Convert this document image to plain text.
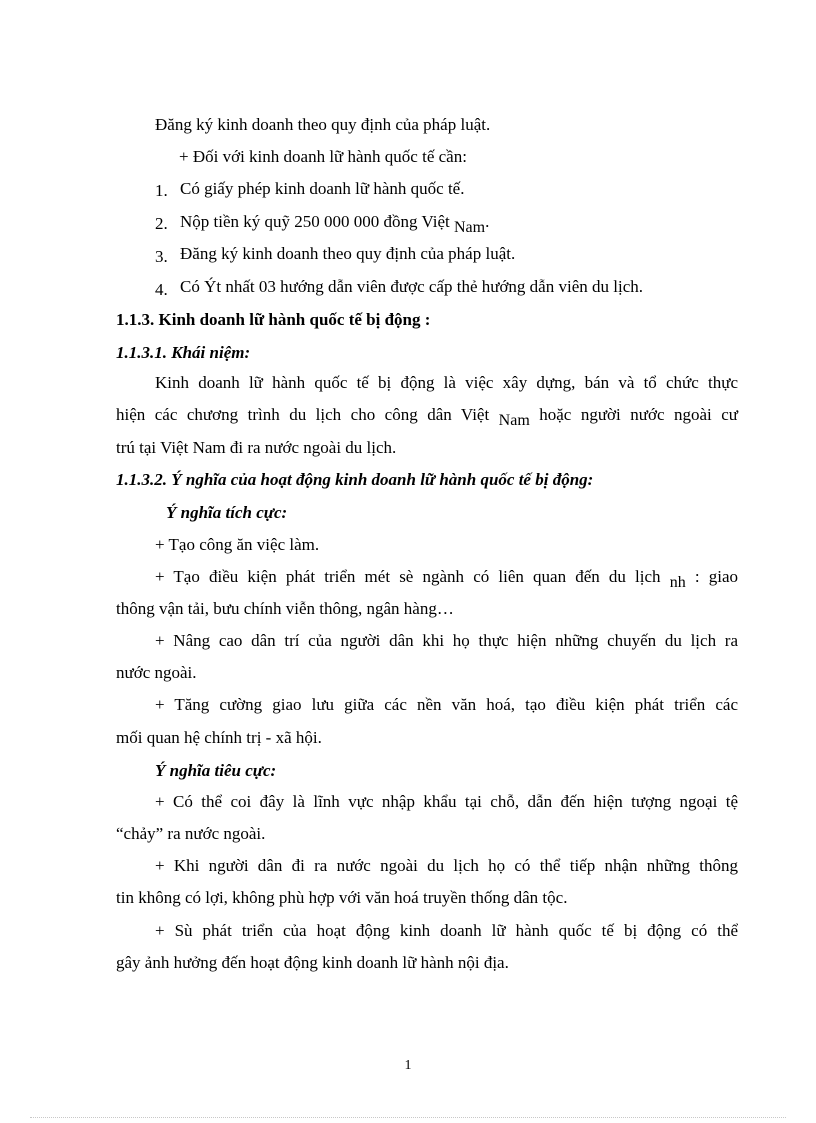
Đăng ký kinh doanh theo quy định của pháp luật.

+ Đối với kinh doanh lữ hành quốc tế cần:

1. Có giấy phép kinh doanh lữ hành quốc tế.

2. Nộp tiền ký quỹ 250 000 000 đồng Việt Nam.

3. Đăng ký kinh doanh theo quy định của pháp luật.

4. Có Ýt nhất 03 hướng dẫn viên được cấp thẻ hướng dẫn viên du lịch.

1.1.3. Kinh doanh lữ hành quốc tế bị động :

1.1.3.1. Khái niệm:

Kinh doanh lữ hành quốc tế bị động là việc xây dựng, bán và tổ chức thực

hiện các chương trình du lịch cho công dân Việt Nam hoặc người nước ngoài cư

trú tại Việt Nam đi ra nước ngoài du lịch.

1.1.3.2. Ý nghĩa của hoạt động kinh doanh lữ hành quốc tế bị động:

Ý nghĩa tích cực:

+ Tạo công ăn việc làm.

+ Tạo điều kiện phát triển mét sè ngành có liên quan đến du lịch nh : giao

thông vận tải, bưu chính viễn thông, ngân hàng…

+ Nâng cao dân trí của người dân khi họ thực hiện những chuyến du lịch ra

nước ngoài.

+ Tăng cường giao lưu giữa các nền văn hoá, tạo điều kiện phát triển các

mối quan hệ chính trị - xã hội.

Ý nghĩa tiêu cực:

+ Có thể coi đây là lĩnh vực nhập khẩu tại chỗ, dẫn đến hiện tượng ngoại tệ

“chảy” ra nước ngoài.

+ Khi người dân đi ra nước ngoài du lịch họ có thể tiếp nhận những thông

tin không có lợi, không phù hợp với văn hoá truyền thống dân tộc.

+ Sù phát triển của hoạt động kinh doanh lữ hành quốc tế bị động có thể

gây ảnh hưởng đến hoạt động kinh doanh lữ hành nội địa.

1
